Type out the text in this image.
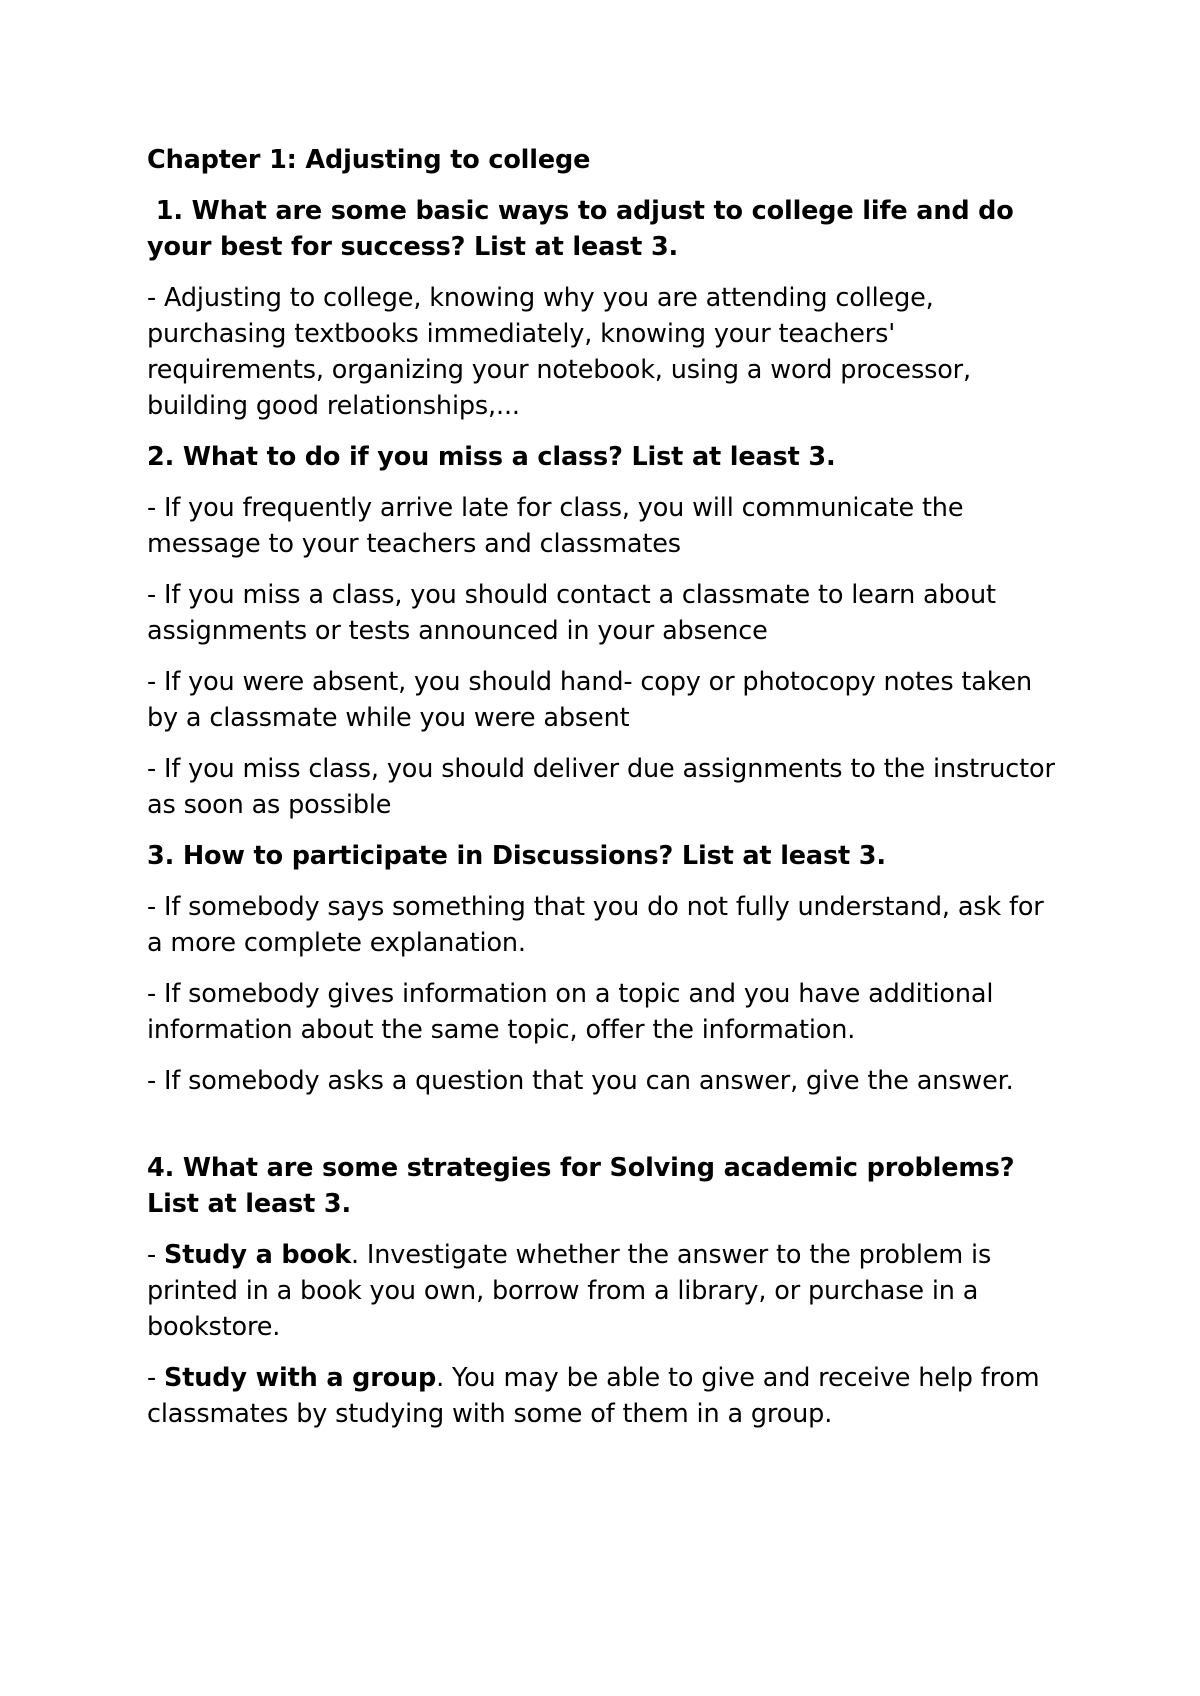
Chapter 1: Adjusting to college

1. What are some basic ways to adjust to college life and do your best for success? List at least 3.

- Adjusting to college, knowing why you are attending college, purchasing textbooks immediately, knowing your teachers' requirements, organizing your notebook, using a word processor, building good relationships,...

2. What to do if you miss a class? List at least 3.

- If you frequently arrive late for class, you will communicate the message to your teachers and classmates

- If you miss a class, you should contact a classmate to learn about assignments or tests announced in your absence

- If you were absent, you should hand- copy or photocopy notes taken by a classmate while you were absent

- If you miss class, you should deliver due assignments to the instructor as soon as possible

3. How to participate in Discussions? List at least 3.

- If somebody says something that you do not fully understand, ask for a more complete explanation.

- If somebody gives information on a topic and you have additional information about the same topic, offer the information.

- If somebody asks a question that you can answer, give the answer.

4. What are some strategies for Solving academic problems? List at least 3.

- Study a book. Investigate whether the answer to the problem is printed in a book you own, borrow from a library, or purchase in a bookstore.

- Study with a group. You may be able to give and receive help from classmates by studying with some of them in a group.
